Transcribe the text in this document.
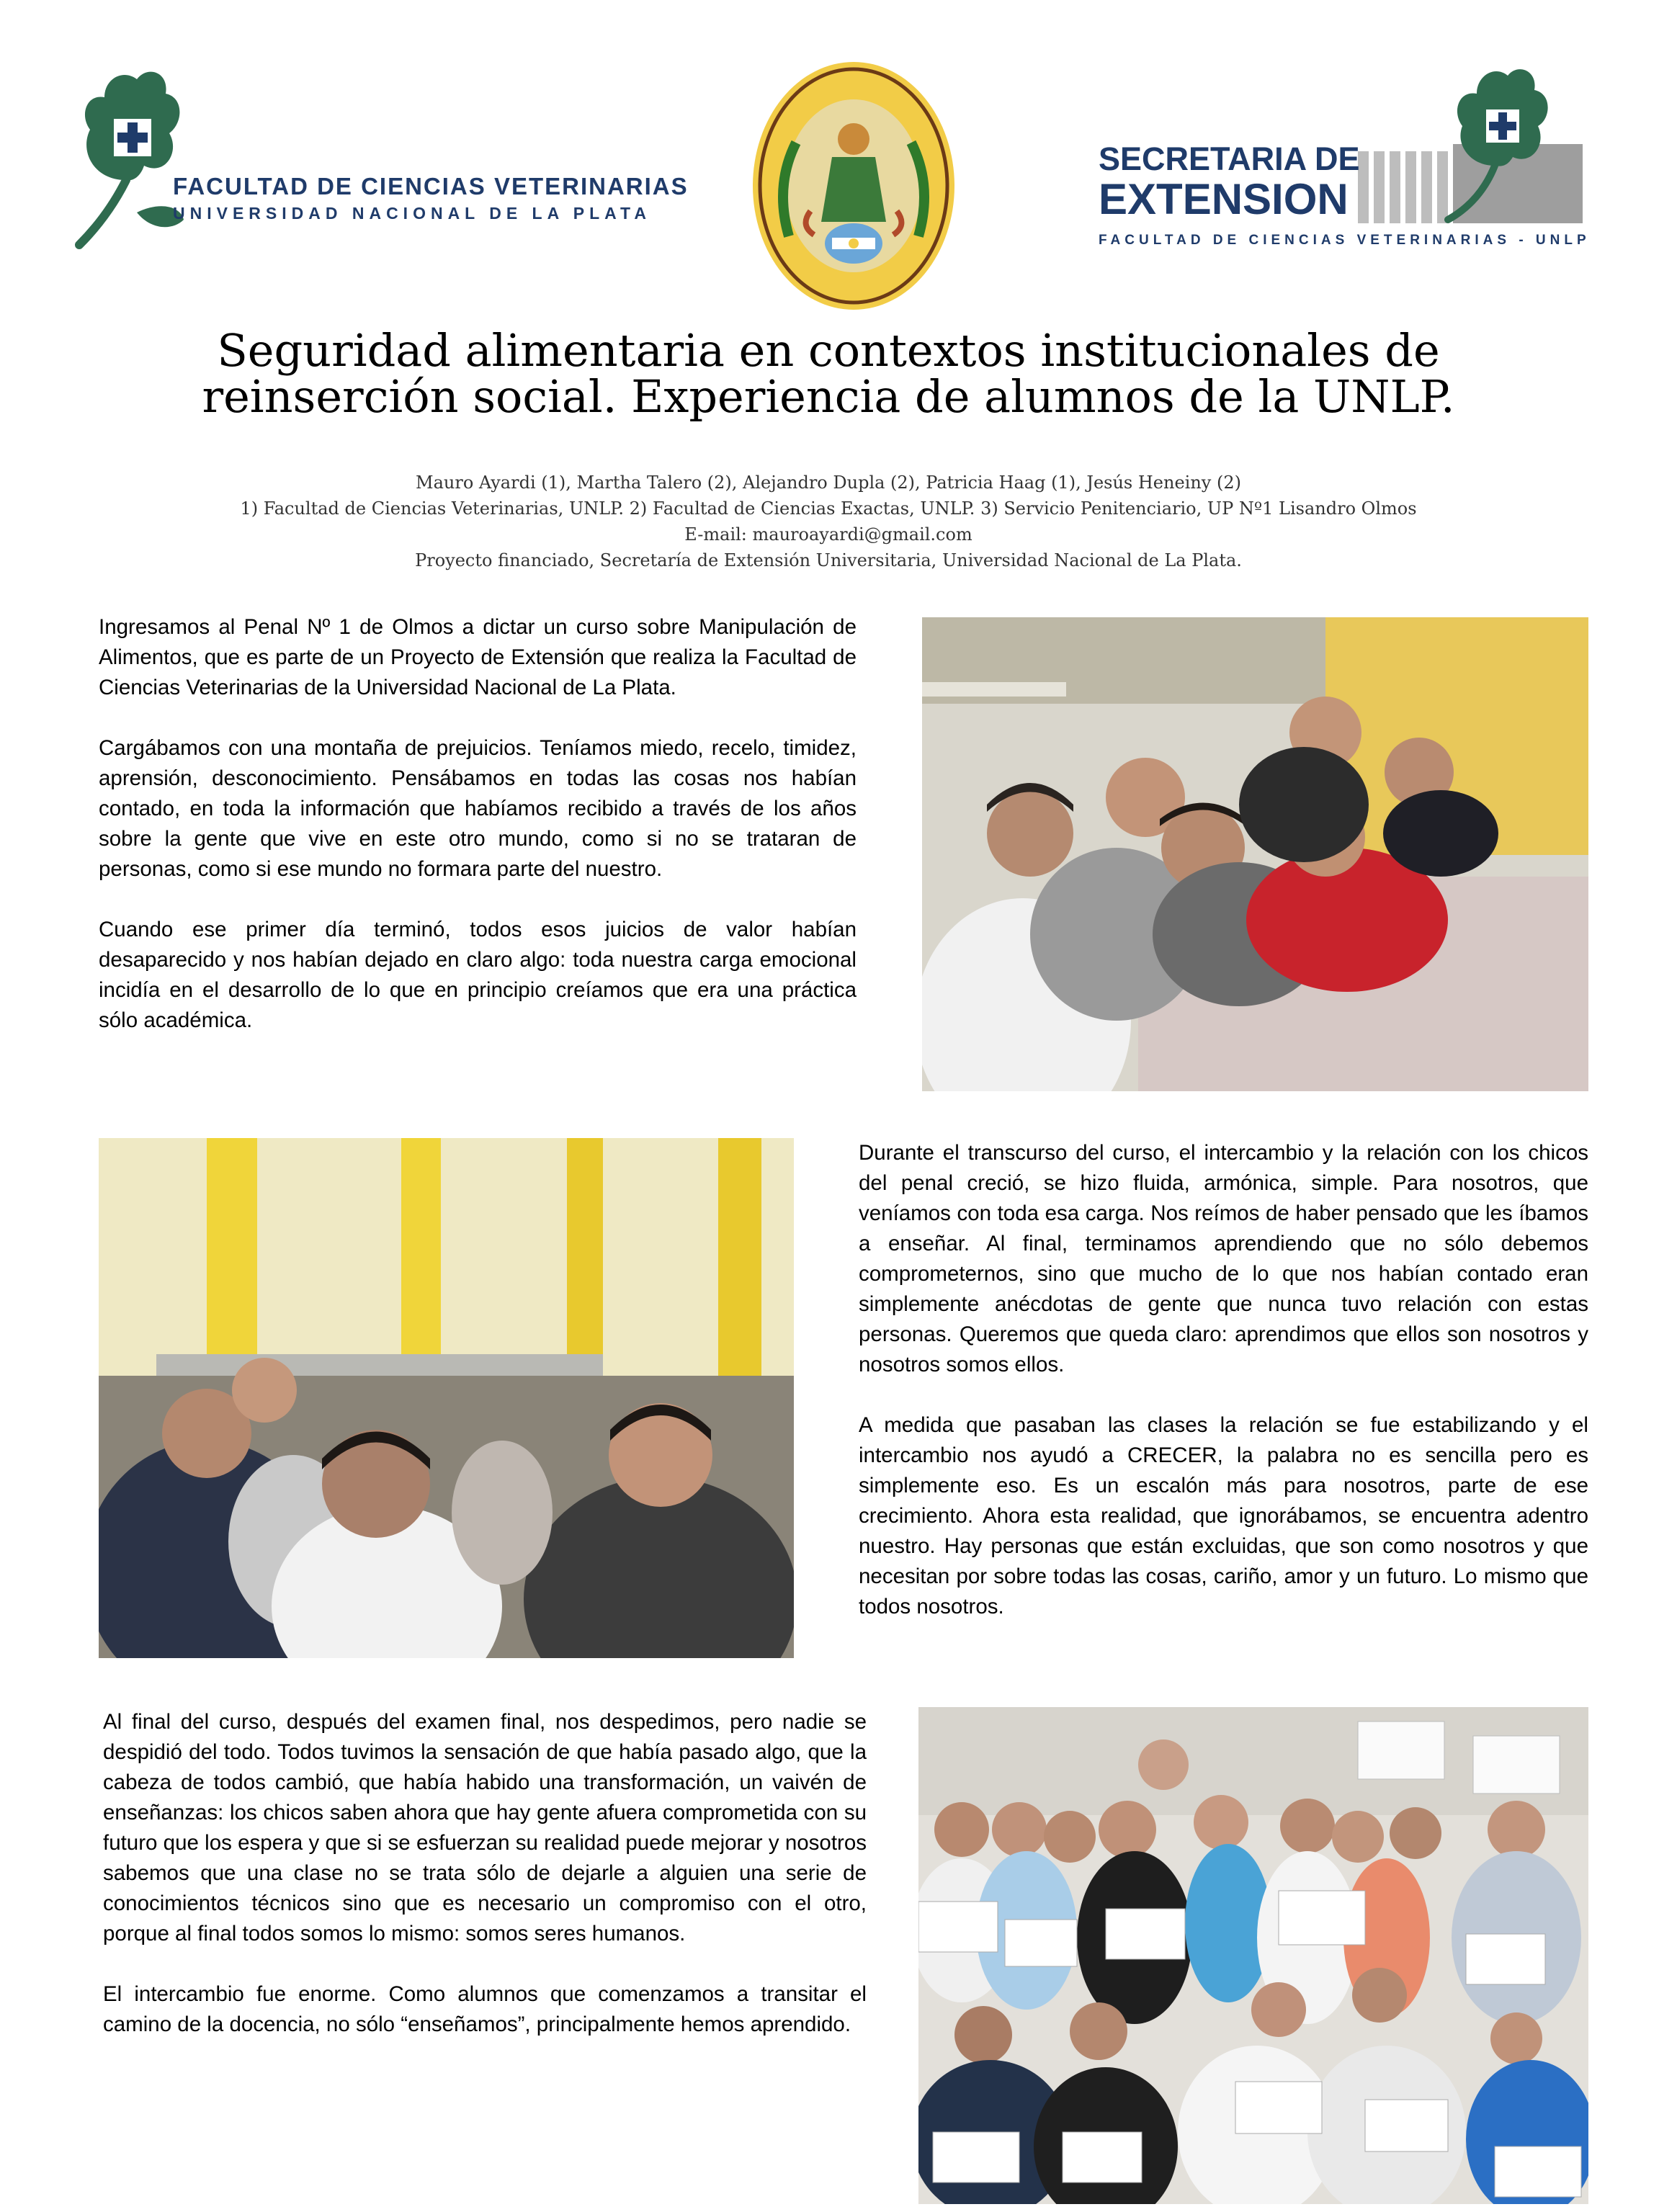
FACULTAD DE CIENCIAS VETERINARIAS
UNIVERSIDAD NACIONAL DE LA PLATA
SECRETARIA DE
EXTENSION
FACULTAD DE CIENCIAS VETERINARIAS - UNLP
Seguridad alimentaria en contextos institucionales de reinserción social. Experiencia de alumnos de la UNLP.
Mauro Ayardi (1), Martha Talero (2), Alejandro Dupla (2), Patricia Haag (1), Jesús Heneiny (2)
1) Facultad de Ciencias Veterinarias, UNLP. 2) Facultad de Ciencias Exactas, UNLP. 3) Servicio Penitenciario, UP Nº1 Lisandro Olmos
E-mail: mauroayardi@gmail.com
Proyecto financiado, Secretaría de Extensión Universitaria, Universidad Nacional de La Plata.

Ingresamos al Penal Nº 1 de Olmos a dictar un curso sobre Manipulación de Alimentos, que es parte de un Proyecto de Extensión que realiza la Facultad de Ciencias Veterinarias de la Universidad Nacional de La Plata.

Cargábamos con una montaña de prejuicios. Teníamos miedo, recelo, timidez, aprensión, desconocimiento. Pensábamos en todas las cosas nos habían contado, en toda la información que habíamos recibido a través de los años sobre la gente que vive en este otro mundo, como si no se trataran de personas, como si ese mundo no formara parte del nuestro.

Cuando ese primer día terminó, todos esos juicios de valor habían desaparecido y nos habían dejado en claro algo: toda nuestra carga emocional incidía en el desarrollo de lo que en principio creíamos que era una práctica sólo académica.

Durante el transcurso del curso, el intercambio y la relación con los chicos del penal creció, se hizo fluida, armónica, simple. Para nosotros, que veníamos con toda esa carga. Nos reímos de haber pensado que les íbamos a enseñar. Al final, terminamos aprendiendo que no sólo debemos comprometernos, sino que mucho de lo que nos habían contado eran simplemente anécdotas de gente que nunca tuvo relación con estas personas. Queremos que queda claro: aprendimos que ellos son nosotros y nosotros somos ellos.

A medida que pasaban las clases la relación se fue estabilizando y el intercambio nos ayudó a CRECER, la palabra no es sencilla pero es simplemente eso. Es un escalón más para nosotros, parte de ese crecimiento. Ahora esta realidad, que ignorábamos, se encuentra adentro nuestro. Hay personas que están excluidas, que son como nosotros y que necesitan por sobre todas las cosas, cariño, amor y un futuro. Lo mismo que todos nosotros.

Al final del curso, después del examen final, nos despedimos, pero nadie se despidió del todo. Todos tuvimos la sensación de que había pasado algo, que la cabeza de todos cambió, que había habido una transformación, un vaivén de enseñanzas: los chicos saben ahora que hay gente afuera comprometida con su futuro que los espera y que si se esfuerzan su realidad puede mejorar y nosotros sabemos que una clase no se trata sólo de dejarle a alguien una serie de conocimientos técnicos sino que es necesario un compromiso con el otro, porque al final todos somos lo mismo: somos seres humanos.

El intercambio fue enorme. Como alumnos que comenzamos a transitar el camino de la docencia, no sólo “enseñamos”, principalmente hemos aprendido.
